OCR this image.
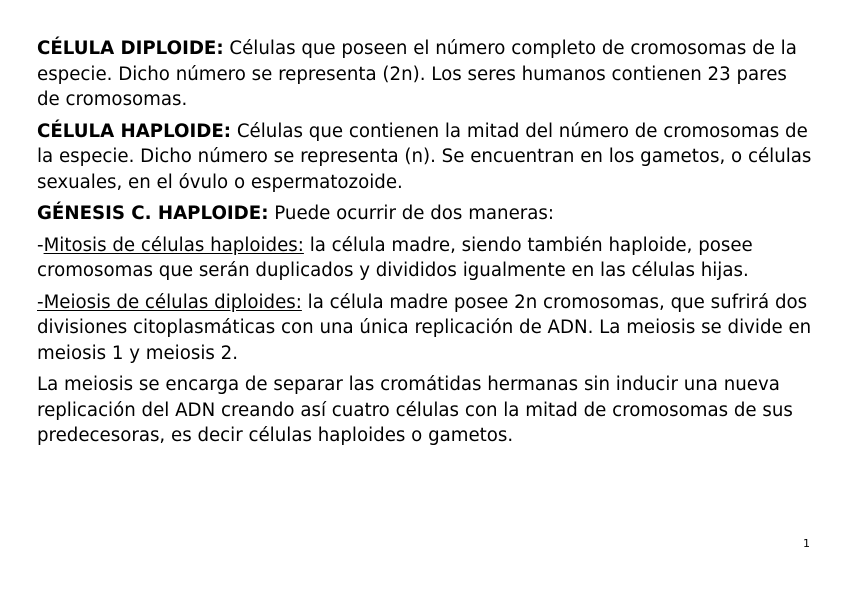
CÉLULA DIPLOIDE: Células que poseen el número completo de cromosomas de la especie. Dicho número se representa (2n). Los seres humanos contienen 23 pares de cromosomas.

CÉLULA HAPLOIDE: Células que contienen la mitad del número de cromosomas de la especie. Dicho número se representa (n). Se encuentran en los gametos, o células sexuales, en el óvulo o espermatozoide.

GÉNESIS C. HAPLOIDE: Puede ocurrir de dos maneras:

-Mitosis de células haploides: la célula madre, siendo también haploide, posee cromosomas que serán duplicados y divididos igualmente en las células hijas.

-Meiosis de células diploides: la célula madre posee 2n cromosomas, que sufrirá dos divisiones citoplasmáticas con una única replicación de ADN. La meiosis se divide en meiosis 1 y meiosis 2.

La meiosis se encarga de separar las cromátidas hermanas sin inducir una nueva replicación del ADN creando así cuatro células con la mitad de cromosomas de sus predecesoras, es decir células haploides o gametos.

1
